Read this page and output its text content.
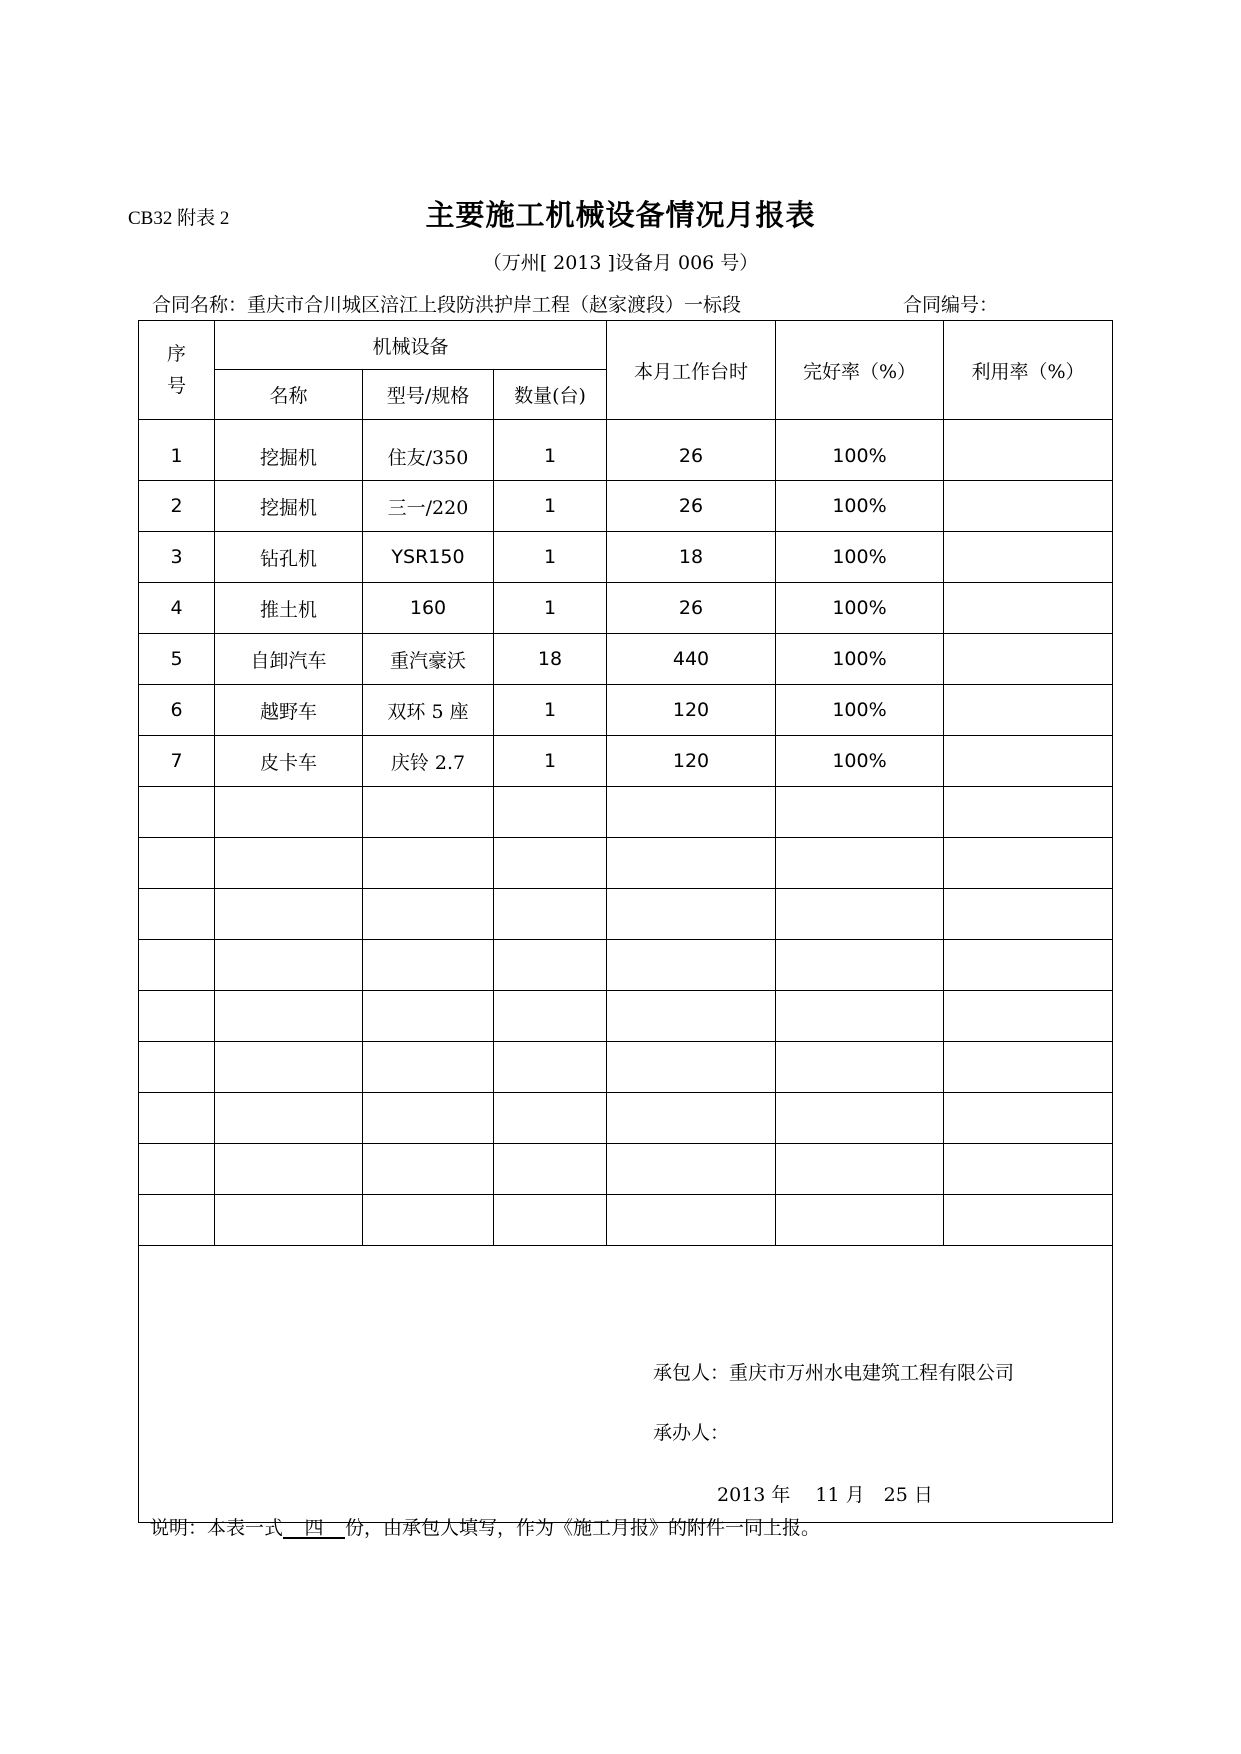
CB32 附表 2	主要施工机械设备情况月报表
（万州[ 2013 ]设备月 006 号）
合同名称：重庆市合川城区涪江上段防洪护岸工程（赵家渡段）一标段	合同编号：
序号	机械设备			本月工作台时	完好率（%）	利用率（%）
	名称	型号/规格	数量(台)			
1	挖掘机	住友/350	1	26	100%	
2	挖掘机	三一/220	1	26	100%	
3	钻孔机	YSR150	1	18	100%	
4	推土机	160	1	26	100%	
5	自卸汽车	重汽豪沃	18	440	100%	
6	越野车	双环 5 座	1	120	100%	
7	皮卡车	庆铃 2.7	1	120	100%	

承包人：重庆市万州水电建筑工程有限公司
承办人：
2013 年　 11 月　25 日						
说明：本表一式 四 份，由承包人填写，作为《施工月报》的附件一同上报。
